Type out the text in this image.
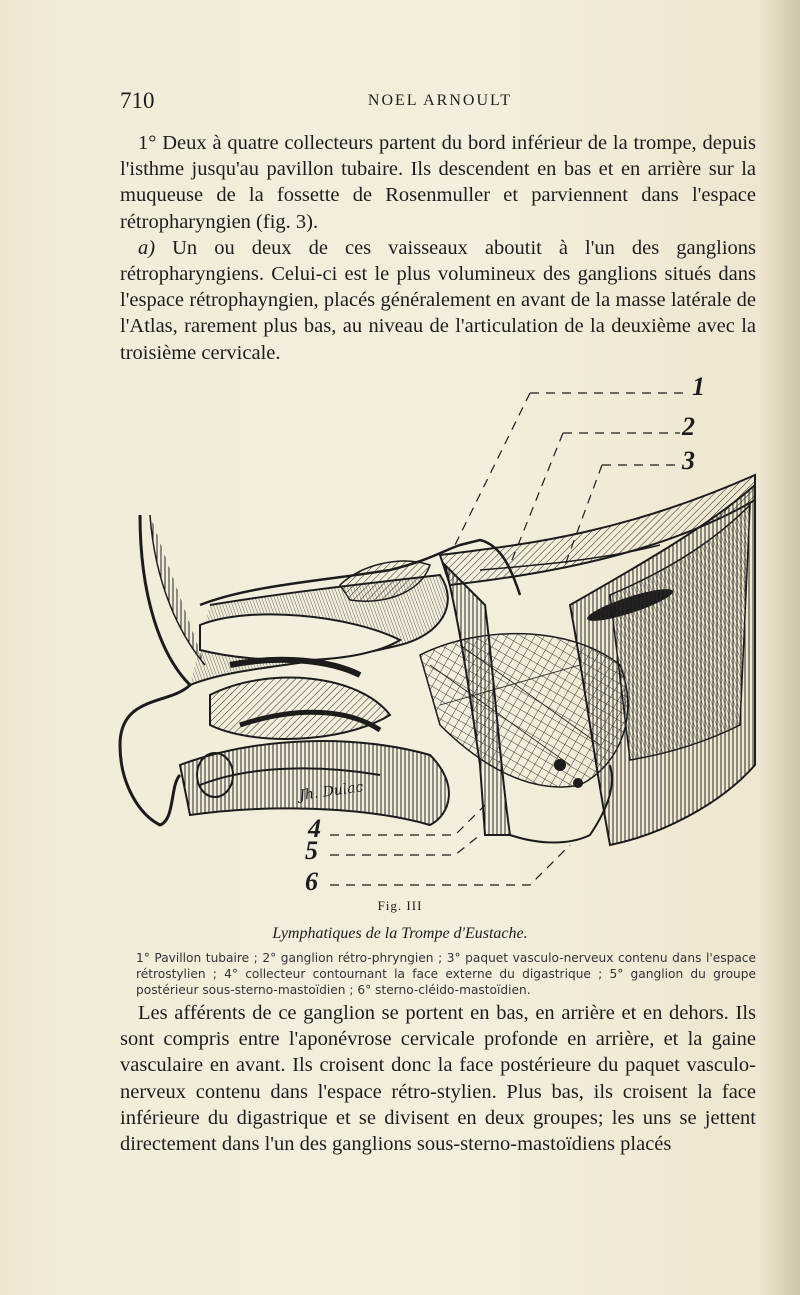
710	NOEL ARNOULT

1° Deux à quatre collecteurs partent du bord inférieur de la trompe, depuis l'isthme jusqu'au pavillon tubaire. Ils descendent en bas et en arrière sur la muqueuse de la fossette de Rosenmuller et parviennent dans l'espace rétropharyngien (fig. 3).

a) Un ou deux de ces vaisseaux aboutit à l'un des ganglions rétropharyngiens. Celui-ci est le plus volumineux des ganglions situés dans l'espace rétrophayngien, placés généralement en avant de la masse latérale de l'Atlas, rarement plus bas, au niveau de l'articulation de la deuxième avec la troisième cervicale.

1
2
3
4
5
6
Jh. Dulac
Fig. III
Lymphatiques de la Trompe d'Eustache.
1° Pavillon tubaire ; 2° ganglion rétro-phryngien ; 3° paquet vasculo-nerveux contenu dans l'espace rétrostylien ; 4° collecteur contournant la face externe du digastrique ; 5° ganglion du groupe postérieur sous-sterno-mastoïdien ; 6° sterno-cléido-mastoïdien.

Les afférents de ce ganglion se portent en bas, en arrière et en dehors. Ils sont compris entre l'aponévrose cervicale profonde en arrière, et la gaine vasculaire en avant. Ils croisent donc la face postérieure du paquet vasculo-nerveux contenu dans l'espace rétro-stylien. Plus bas, ils croisent la face inférieure du digastrique et se divisent en deux groupes; les uns se jettent directement dans l'un des ganglions sous-sterno-mastoïdiens placés
